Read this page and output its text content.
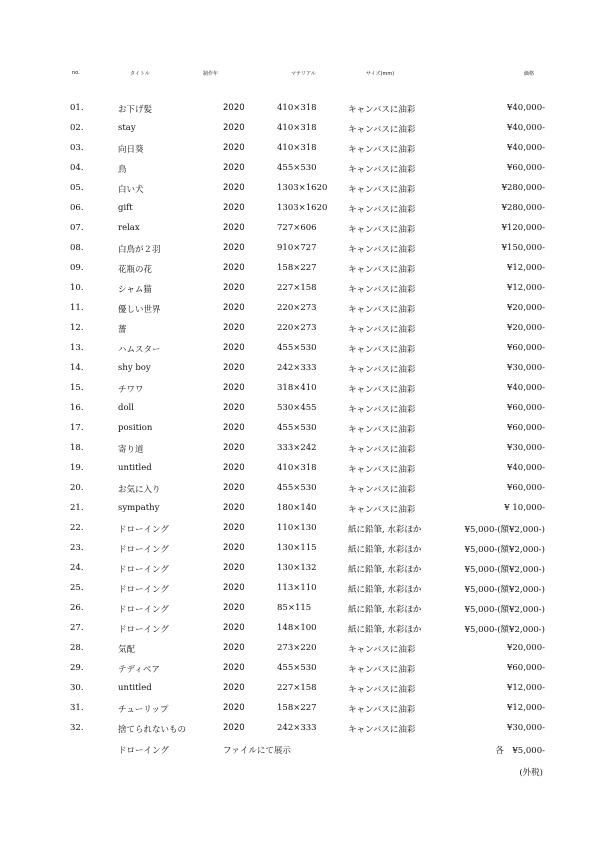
no.	タイトル	制作年	マテリアル	サイズ(mm)	価格
01.	お下げ髪	2020	410×318	キャンバスに油彩	¥40,000-
02.	stay	2020	410×318	キャンバスに油彩	¥40,000-
03.	向日葵	2020	410×318	キャンバスに油彩	¥40,000-
04.	鳥	2020	455×530	キャンバスに油彩	¥60,000-
05.	白い犬	2020	1303×1620 キャンバスに油彩	¥280,000-
06.	gift	2020	1303×1620 キャンバスに油彩	¥280,000-
07.	relax	2020	727×606	キャンバスに油彩	¥120,000-
08.	白鳥が２羽	2020	910×727	キャンバスに油彩	¥150,000-
09.	花瓶の花	2020	158×227	キャンバスに油彩	¥12,000-
10.	シャム猫	2020	227×158	キャンバスに油彩	¥12,000-
11.	優しい世界	2020	220×273	キャンバスに油彩	¥20,000-
12.	薔	2020	220×273	キャンバスに油彩	¥20,000-
13.	ハムスター	2020	455×530	キャンバスに油彩	¥60,000-
14.	shy boy	2020	242×333	キャンバスに油彩	¥30,000-
15.	チワワ	2020	318×410	キャンバスに油彩	¥40,000-
16.	doll	2020	530×455	キャンバスに油彩	¥60,000-
17.	position	2020	455×530	キャンバスに油彩	¥60,000-
18.	寄り道	2020	333×242	キャンバスに油彩	¥30,000-
19.	untitled	2020	410×318	キャンバスに油彩	¥40,000-
20.	お気に入り	2020	455×530	キャンバスに油彩	¥60,000-
21.	sympathy	2020	180×140	キャンバスに油彩	¥ 10,000-
22.	ドローイング	2020	110×130	紙に鉛筆, 水彩ほか	¥5,000-(額¥2,000-)
23.	ドローイング	2020	130×115	紙に鉛筆, 水彩ほか	¥5,000-(額¥2,000-)
24.	ドローイング	2020	130×132	紙に鉛筆, 水彩ほか	¥5,000-(額¥2,000-)
25.	ドローイング	2020	113×110	紙に鉛筆, 水彩ほか	¥5,000-(額¥2,000-)
26.	ドローイング	2020	85×115	紙に鉛筆, 水彩ほか	¥5,000-(額¥2,000-)
27.	ドローイング	2020	148×100	紙に鉛筆, 水彩ほか	¥5,000-(額¥2,000-)
28.	気配	2020	273×220	キャンバスに油彩	¥20,000-
29.	テディベア	2020	455×530	キャンバスに油彩	¥60,000-
30.	untitled	2020	227×158	キャンバスに油彩	¥12,000-
31.	チューリップ	2020	158×227	キャンバスに油彩	¥12,000-
32.	捨てられないもの	2020	242×333	キャンバスに油彩	¥30,000-
ドローイング	ファイルにて展示	各　¥5,000-
(外税)
